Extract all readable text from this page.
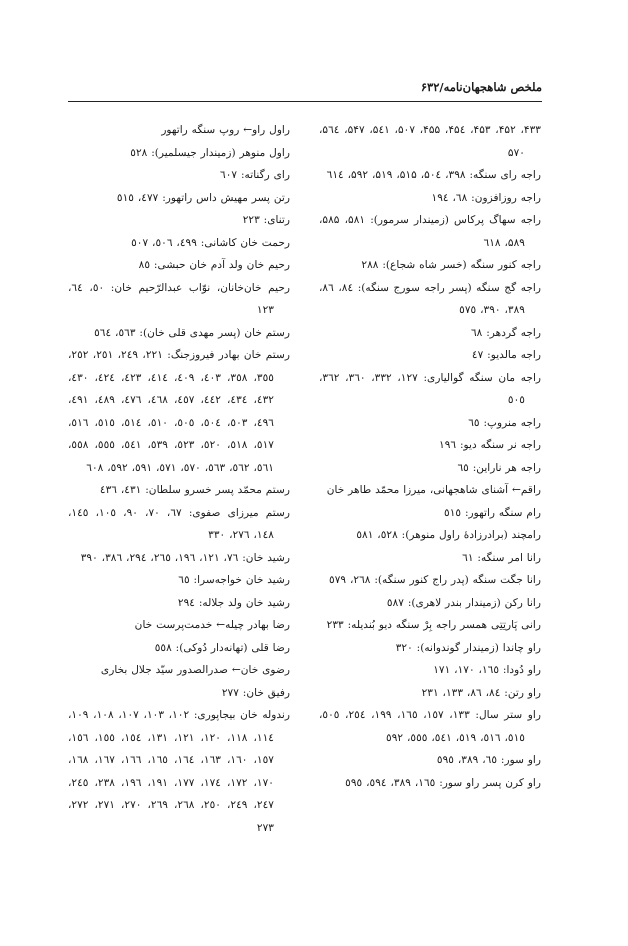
ملخص شاهجهان‌نامه/۶۳۲
۴۳۳، ۴۵۲، ۴۵۳، ۴۵٤، ۴۵۵، ۵۰۷، ۵٤۱، ۵۴۷، ۵٦٤، ۵۷۰
راجه رای سنگه: ۳۹۸، ۵۰٤، ۵۱۵، ۵۱۹، ۵۹۲، ٦١٤
راجه روزافزون: ٦٨، ١٩٤
راجه سهاگ پرکاس (زمیندار سرمور): ۵۸۱، ۵۸۵، ۵۸۹، ٦١٨
راجه کنور سنگه (خسر شاه شجاع): ۲۸۸
راجه گج سنگه (پسر راجه سورج سنگه): ٨٤، ٨٦، ٣٨٩، ٣٩٠، ٥٧٥
راجه گردهر: ٦٨
راجه مالدیو: ٤٧
راجه مان سنگه گوالیاری: ١٢٧، ٣٣٢، ٣٦٠، ٣٦٢، ٥٠٥
راجه منروپ: ٦٥
راجه نر سنگه دیو: ١٩٦
راجه هر ناراین: ٦٥
راقم← آشنای شاهجهانی، میرزا محمّد طاهر خان
رام سنگه راتهور: ٥١٥
رامچند (برادرزادۀ راول منوهر): ٥٢٨، ٥٨١
رانا امر سنگه: ٦١
رانا جگت سنگه (پدر راج کنور سنگه): ۲٦٨، ٥٧٩
رانا رکن (زمیندار بندر لاهری): ٥٨٧
رانی پَارتِتِی همسر راجه بِرْ سنگه دیو بُندیله: ۲۳۳
راو چاندا (زمیندار گوندوانه): ۳۲۰
راو دُودا: ١٦٥، ١٧٠، ١٧١
راو رتن: ٨٤، ٨٦، ١٣٣، ٢٣١
راو ستر سال: ١٣٣، ١٥٧، ١٦٥، ١٩٩، ٢٥٤، ٥٠٥، ٥١٥، ٥١٦، ٥١٩، ٥٤١، ٥٥٥، ٥٩٢
راو سور: ٦٥، ٣٨٩، ٥٩٥
راو کرن پسر راو سور: ١٦٥، ٣٨٩، ٥٩٤، ٥٩٥
راول راو← روپ سنگه راتهور
راول منوهر (زمیندار جیسلمیر): ٥٢٨
رای رگناته: ٦٠٧
رتن پسر مهیش داس راتهور: ٤٧٧، ٥١٥
رتنای: ٢٢٣
رحمت خان کاشانی: ٤٩٩، ٥٠٦، ٥٠٧
رحیم خان ولد آدم خان حبشی: ٨٥
رحیم خان‌خانان، نوّاب عبدالرّحیم خان: ٥٠، ٦٤، ١٢٣
رستم خان (پسر مهدی قلی خان): ٥٦٣، ٥٦٤
رستم خان بهادر فیروزجنگ: ٢٢١، ٢٤٩، ٢٥١، ٢٥٢، ٣٥٥، ٣٥٨، ٤٠٣، ٤٠٩، ٤١٤، ٤٢٣، ٤٢٤، ٤٣٠، ٤٣٢، ٤٣٤، ٤٤٢، ٤٥٧، ٤٦٨، ٤٧٦، ٤٨٩، ٤٩١، ٤٩٦، ٥٠٣، ٥٠٤، ٥٠٥، ٥١٠، ٥١٤، ٥١٥، ٥١٦، ٥١٧، ٥١٨، ٥٢٠، ٥٢٣، ٥٣٩، ٥٤١، ٥٥٥، ٥٥٨، ٥٦١، ٥٦٢، ٥٦٣، ٥٧٠، ٥٧١، ٥٩١، ٥٩٢، ٦٠٨
رستم محمّد پسر خسرو سلطان: ٤٣١، ٤٣٦
رستم میرزای صفوی: ٦٧، ٧٠، ٩٠، ١٠٥، ١٤٥، ١٤٨، ٢٧٦، ٣٣٠
رشید خان: ٧٦، ١٢١، ١٩٦، ٢٦٥، ٢٩٤، ٣٨٦، ٣٩٠
رشید خان خواجه‌سرا: ٦٥
رشید خان ولد جلاله: ٢٩٤
رضا بهادر چیله← خدمت‌پرست خان
رضا قلی (تهانه‌دار دُوکی): ٥٥٨
رضوی خان← صدرالصدور سیّد جلال بخاری
رفیق خان: ٢٧٧
رندوله خان بیجاپوری: ١٠٢، ١٠٣، ١٠٧، ١٠٨، ١٠٩، ١١٤، ١١٨، ١٢٠، ١٢١، ١٣١، ١٥٤، ١٥٥، ١٥٦، ١٥٧، ١٦٠، ١٦٣، ١٦٤، ١٦٥، ١٦٦، ١٦٧، ١٦٨، ١٧٠، ١٧٢، ١٧٤، ١٧٧، ١٩١، ١٩٦، ٢٣٨، ٢٤٥، ٢٤٧، ٢٤٩، ٢٥٠، ٢٦٨، ٢٦٩، ٢٧٠، ٢٧١، ٢٧٢، ٢٧٣
